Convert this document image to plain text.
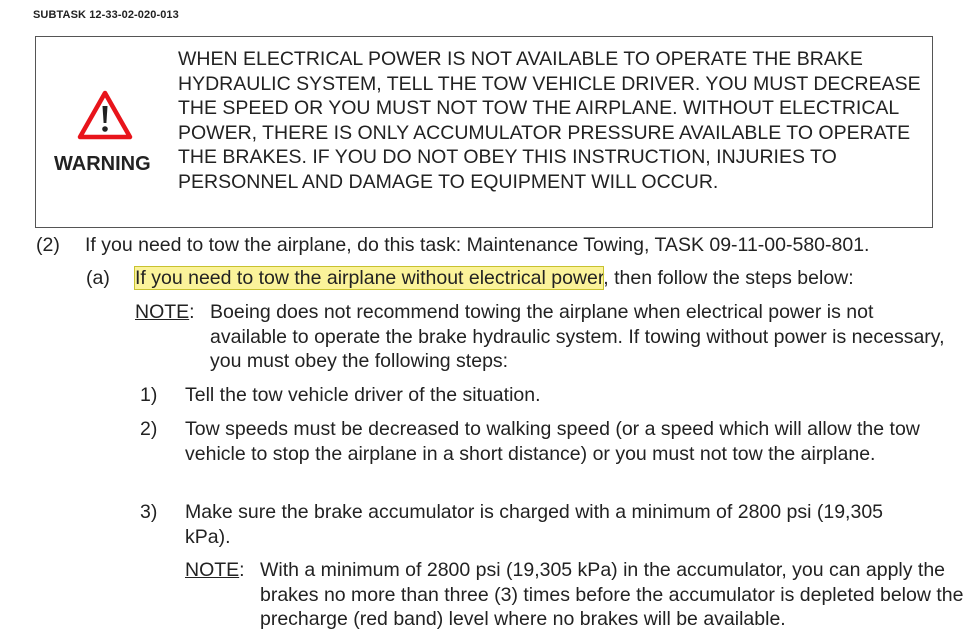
SUBTASK 12-33-02-020-013
WARNING
WHEN ELECTRICAL POWER IS NOT AVAILABLE TO OPERATE THE BRAKE HYDRAULIC SYSTEM, TELL THE TOW VEHICLE DRIVER. YOU MUST DECREASE THE SPEED OR YOU MUST NOT TOW THE AIRPLANE. WITHOUT ELECTRICAL POWER, THERE IS ONLY ACCUMULATOR PRESSURE AVAILABLE TO OPERATE THE BRAKES. IF YOU DO NOT OBEY THIS INSTRUCTION, INJURIES TO PERSONNEL AND DAMAGE TO EQUIPMENT WILL OCCUR.
(2) If you need to tow the airplane, do this task: Maintenance Towing, TASK 09-11-00-580-801.
(a) If you need to tow the airplane without electrical power, then follow the steps below:
NOTE: Boeing does not recommend towing the airplane when electrical power is not available to operate the brake hydraulic system. If towing without power is necessary, you must obey the following steps:
1) Tell the tow vehicle driver of the situation.
2) Tow speeds must be decreased to walking speed (or a speed which will allow the tow vehicle to stop the airplane in a short distance) or you must not tow the airplane.
3) Make sure the brake accumulator is charged with a minimum of 2800 psi (19,305 kPa).
NOTE: With a minimum of 2800 psi (19,305 kPa) in the accumulator, you can apply the brakes no more than three (3) times before the accumulator is depleted below the precharge (red band) level where no brakes will be available.
